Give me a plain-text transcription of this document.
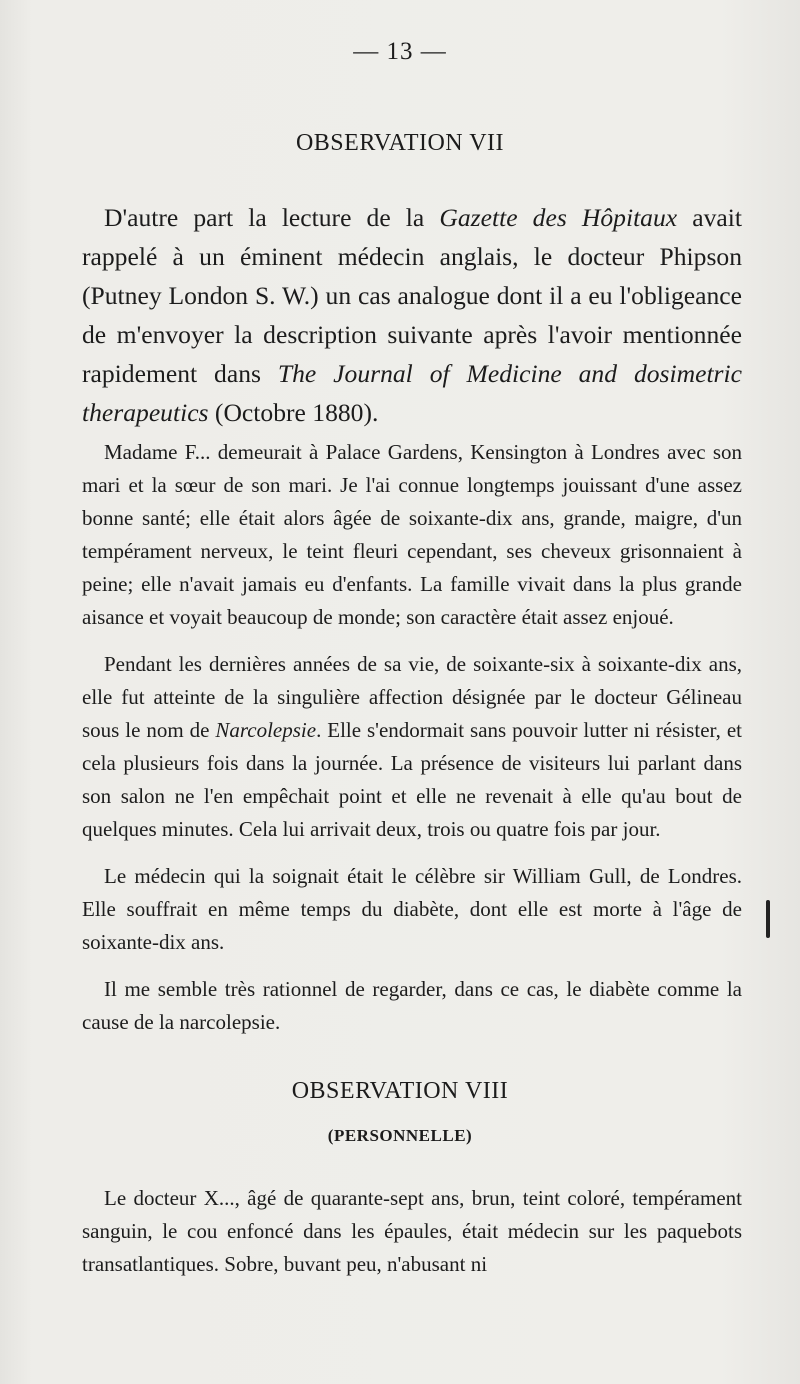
— 13 —
OBSERVATION VII

D'autre part la lecture de la Gazette des Hôpitaux avait rappelé à un éminent médecin anglais, le docteur Phipson (Putney London S. W.) un cas analogue dont il a eu l'obligeance de m'envoyer la description suivante après l'avoir mentionnée rapidement dans The Journal of Medicine and dosimetric therapeutics (Octobre 1880).

Madame F... demeurait à Palace Gardens, Kensington à Londres avec son mari et la sœur de son mari. Je l'ai connue longtemps jouissant d'une assez bonne santé; elle était alors âgée de soixante-dix ans, grande, maigre, d'un tempérament nerveux, le teint fleuri cependant, ses cheveux grisonnaient à peine; elle n'avait jamais eu d'enfants. La famille vivait dans la plus grande aisance et voyait beaucoup de monde; son caractère était assez enjoué.

Pendant les dernières années de sa vie, de soixante-six à soixante-dix ans, elle fut atteinte de la singulière affection désignée par le docteur Gélineau sous le nom de Narcolepsie. Elle s'endormait sans pouvoir lutter ni résister, et cela plusieurs fois dans la journée. La présence de visiteurs lui parlant dans son salon ne l'en empêchait point et elle ne revenait à elle qu'au bout de quelques minutes. Cela lui arrivait deux, trois ou quatre fois par jour.

Le médecin qui la soignait était le célèbre sir William Gull, de Londres. Elle souffrait en même temps du diabète, dont elle est morte à l'âge de soixante-dix ans.

Il me semble très rationnel de regarder, dans ce cas, le diabète comme la cause de la narcolepsie.

OBSERVATION VIII
(PERSONNELLE)

Le docteur X..., âgé de quarante-sept ans, brun, teint coloré, tempérament sanguin, le cou enfoncé dans les épaules, était médecin sur les paquebots transatlantiques. Sobre, buvant peu, n'abusant ni
